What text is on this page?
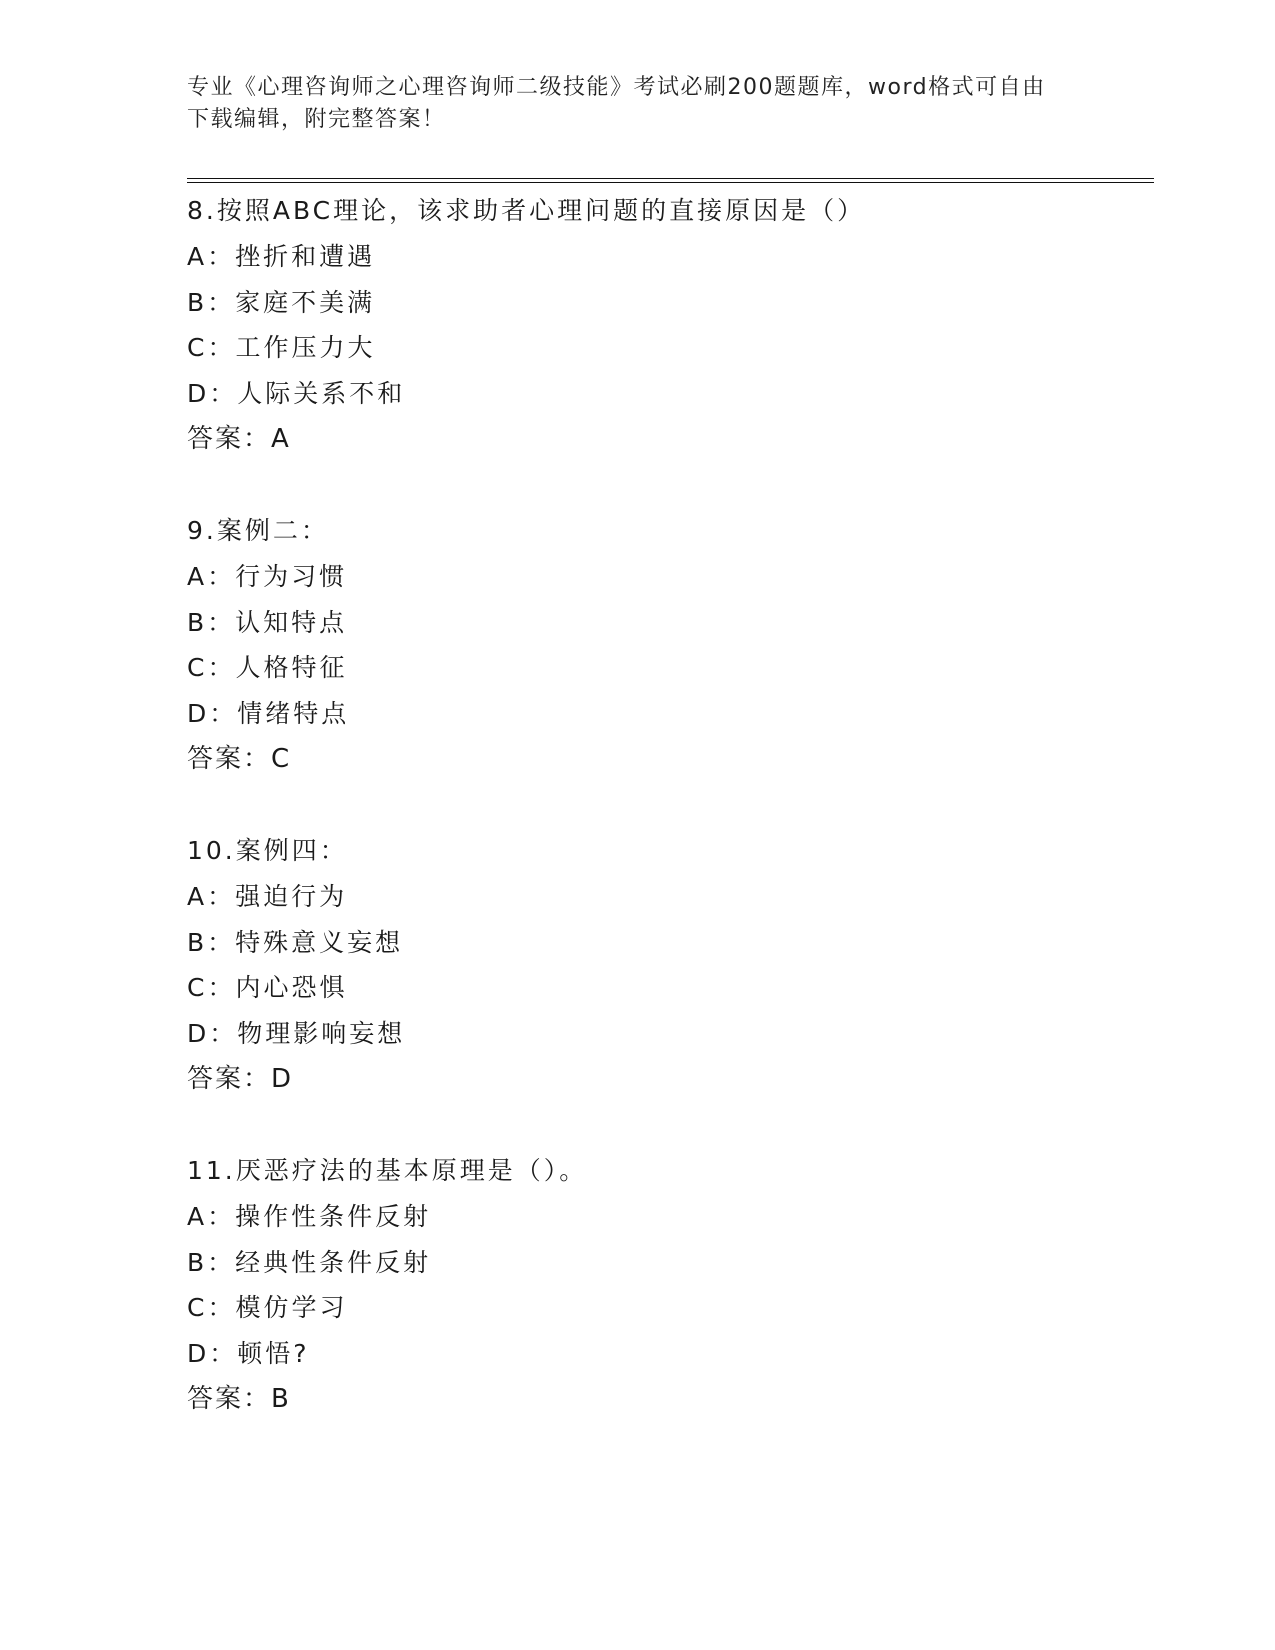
专业《心理咨询师之心理咨询师二级技能》考试必刷200题题库，word格式可自由下载编辑，附完整答案！
8.按照ABC理论，该求助者心理问题的直接原因是（）
A：挫折和遭遇
B：家庭不美满
C：工作压力大
D：人际关系不和
答案：A
9.案例二：
A：行为习惯
B：认知特点
C：人格特征
D：情绪特点
答案：C
10.案例四：
A：强迫行为
B：特殊意义妄想
C：内心恐惧
D：物理影响妄想
答案：D
11.厌恶疗法的基本原理是（）。
A：操作性条件反射
B：经典性条件反射
C：模仿学习
D：顿悟?
答案：B
